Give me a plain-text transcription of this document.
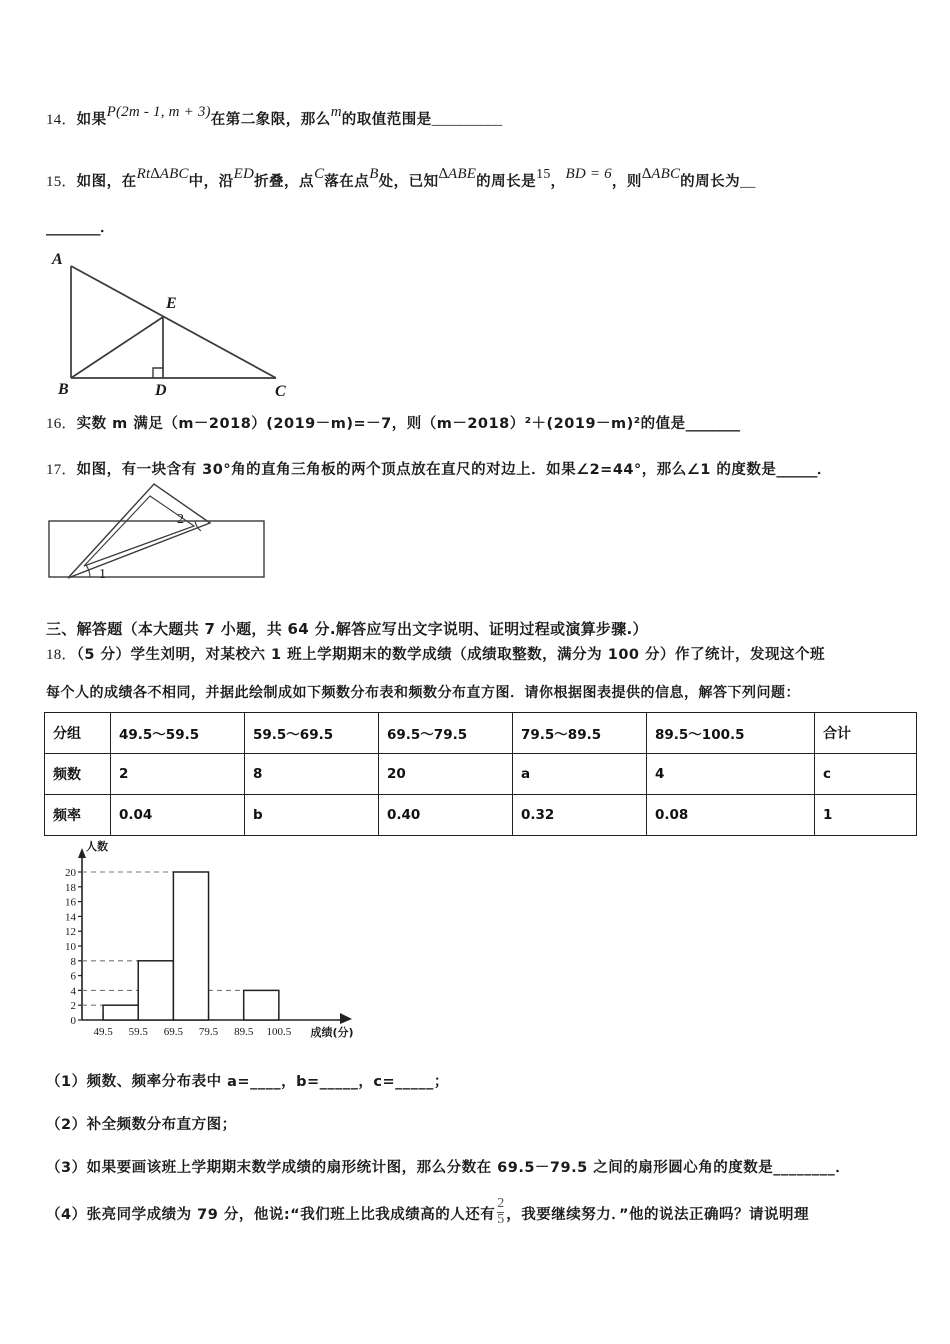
14．如果P(2m - 1, m + 3)在第二象限，那么m的取值范围是__________
15．如图，在Rt∆ABC中，沿ED折叠，点C落在点B处，已知∆ABE的周长是15，BD = 6，则∆ABC的周长为__
________．
A
E
B	D	C
16．实数 m 满足（m－2018）(2019－m)=－7，则（m－2018）²＋(2019－m)²的值是________
17．如图，有一块含有 30°角的直角三角板的两个顶点放在直尺的对边上．如果∠2=44°，那么∠1 的度数是______．
2
1
三、解答题（本大题共 7 小题，共 64 分.解答应写出文字说明、证明过程或演算步骤.）
18．（5 分）学生刘明，对某校六 1 班上学期期末的数学成绩（成绩取整数，满分为 100 分）作了统计，发现这个班
每个人的成绩各不相同，并据此绘制成如下频数分布表和频数分布直方图．请你根据图表提供的信息，解答下列问题：
分组	49.5～59.5	59.5～69.5	69.5～79.5	79.5～89.5	89.5～100.5	合计
频数	2	8	20	a	4	c
频率	0.04	b	0.40	0.32	0.08	1
人数
0
2
4
6
8
10
12
14
16
18
20
49.5 59.5 69.5 79.5 89.5 100.5 成绩(分)
（1）频数、频率分布表中 a=____，b=_____，c=_____；
（2）补全频数分布直方图；
（3）如果要画该班上学期期末数学成绩的扇形统计图，那么分数在 69.5－79.5 之间的扇形圆心角的度数是________．
（4）张亮同学成绩为 79 分，他说:“我们班上比我成绩高的人还有 $\frac{2}{5}$ ，我要继续努力．”他的说法正确吗？请说明理
